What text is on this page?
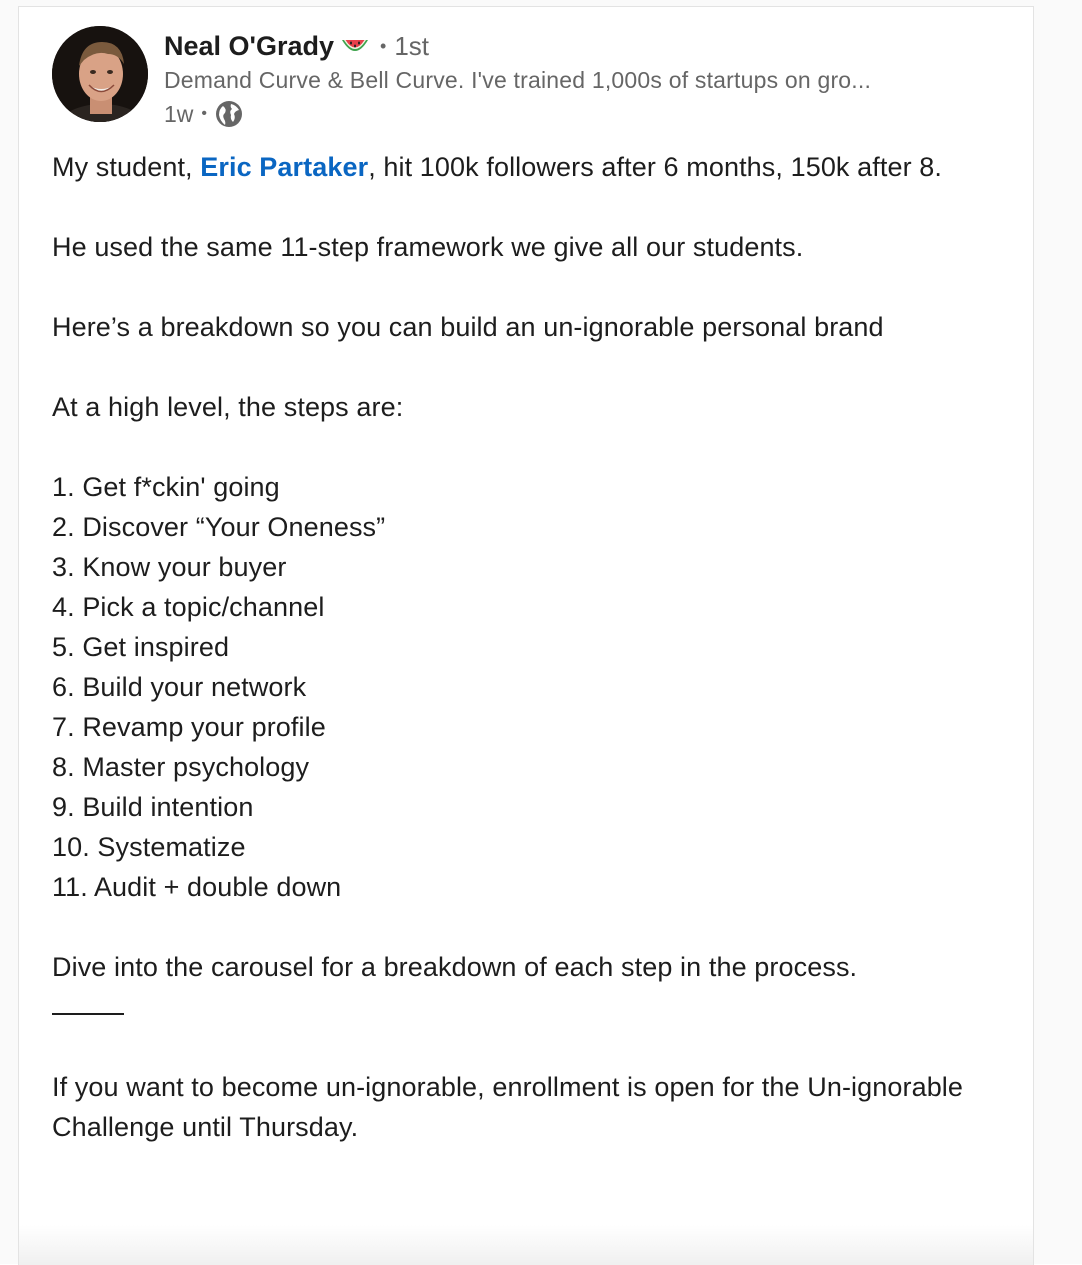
Neal O'Grady	• 1st
Demand Curve & Bell Curve. I've trained 1,000s of startups on gro...
1w •

My student, Eric Partaker, hit 100k followers after 6 months, 150k after 8.

He used the same 11-step framework we give all our students.

Here’s a breakdown so you can build an un-ignorable personal brand

At a high level, the steps are:

1. Get f*ckin' going

2. Discover “Your Oneness”

3. Know your buyer

4. Pick a topic/channel

5. Get inspired

6. Build your network

7. Revamp your profile

8. Master psychology

9. Build intention

10. Systematize

11. Audit + double down

Dive into the carousel for a breakdown of each step in the process.

If you want to become un-ignorable, enrollment is open for the Un-ignorable Challenge until Thursday.
